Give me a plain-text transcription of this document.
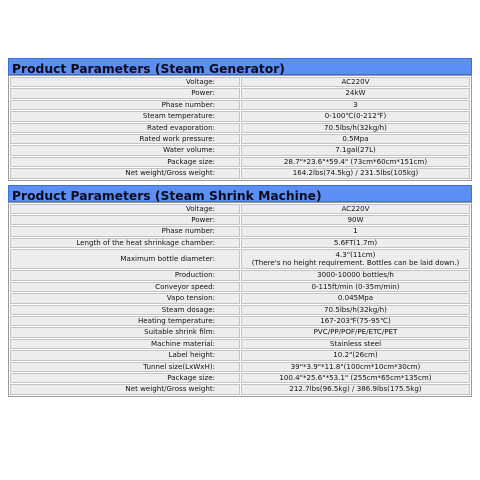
Product Parameters (Steam Generator)
Voltage:	AC220V
Power:	24kW
Phase number:	3
Steam temperature:	0-100℃(0-212℉)
Rated evaporation:	70.5lbs/h(32kg/h)
Rated work pressure:	0.5Mpa
Water volume:	7.1gal(27L)
Package size:	28.7"*23.6"*59.4" (73cm*60cm*151cm)
Net weight/Gross weight:	164.2lbs(74.5kg) / 231.5lbs(105kg)
Product Parameters (Steam Shrink Machine)
Voltage:	AC220V
Power:	90W
Phase number:	1
Length of the heat shrinkage chamber:	5.6FT(1.7m)
Maximum bottle diameter:	4.3"(11cm)
(There's no height requirement. Bottles can be laid down.)

Production:	3000-10000 bottles/h
Conveyor speed:	0-115ft/min (0-35m/min)
Vapo tension:	0.045Mpa
Steam dosage:	70.5lbs/h(32kg/h)
Heating temperature:	167-203℉(75-95℃)
Suitable shrink film:	PVC/PP/POF/PE/ETC/PET
Machine material:	Stainless steel
Label height:	10.2"(26cm)
Tunnel size(LxWxH):	39"*3.9"*11.8"(100cm*10cm*30cm)
Package size:	100.4"*25.6"*53.1" (255cm*65cm*135cm)
Net weight/Gross weight:	212.7lbs(96.5kg) / 386.9lbs(175.5kg)
